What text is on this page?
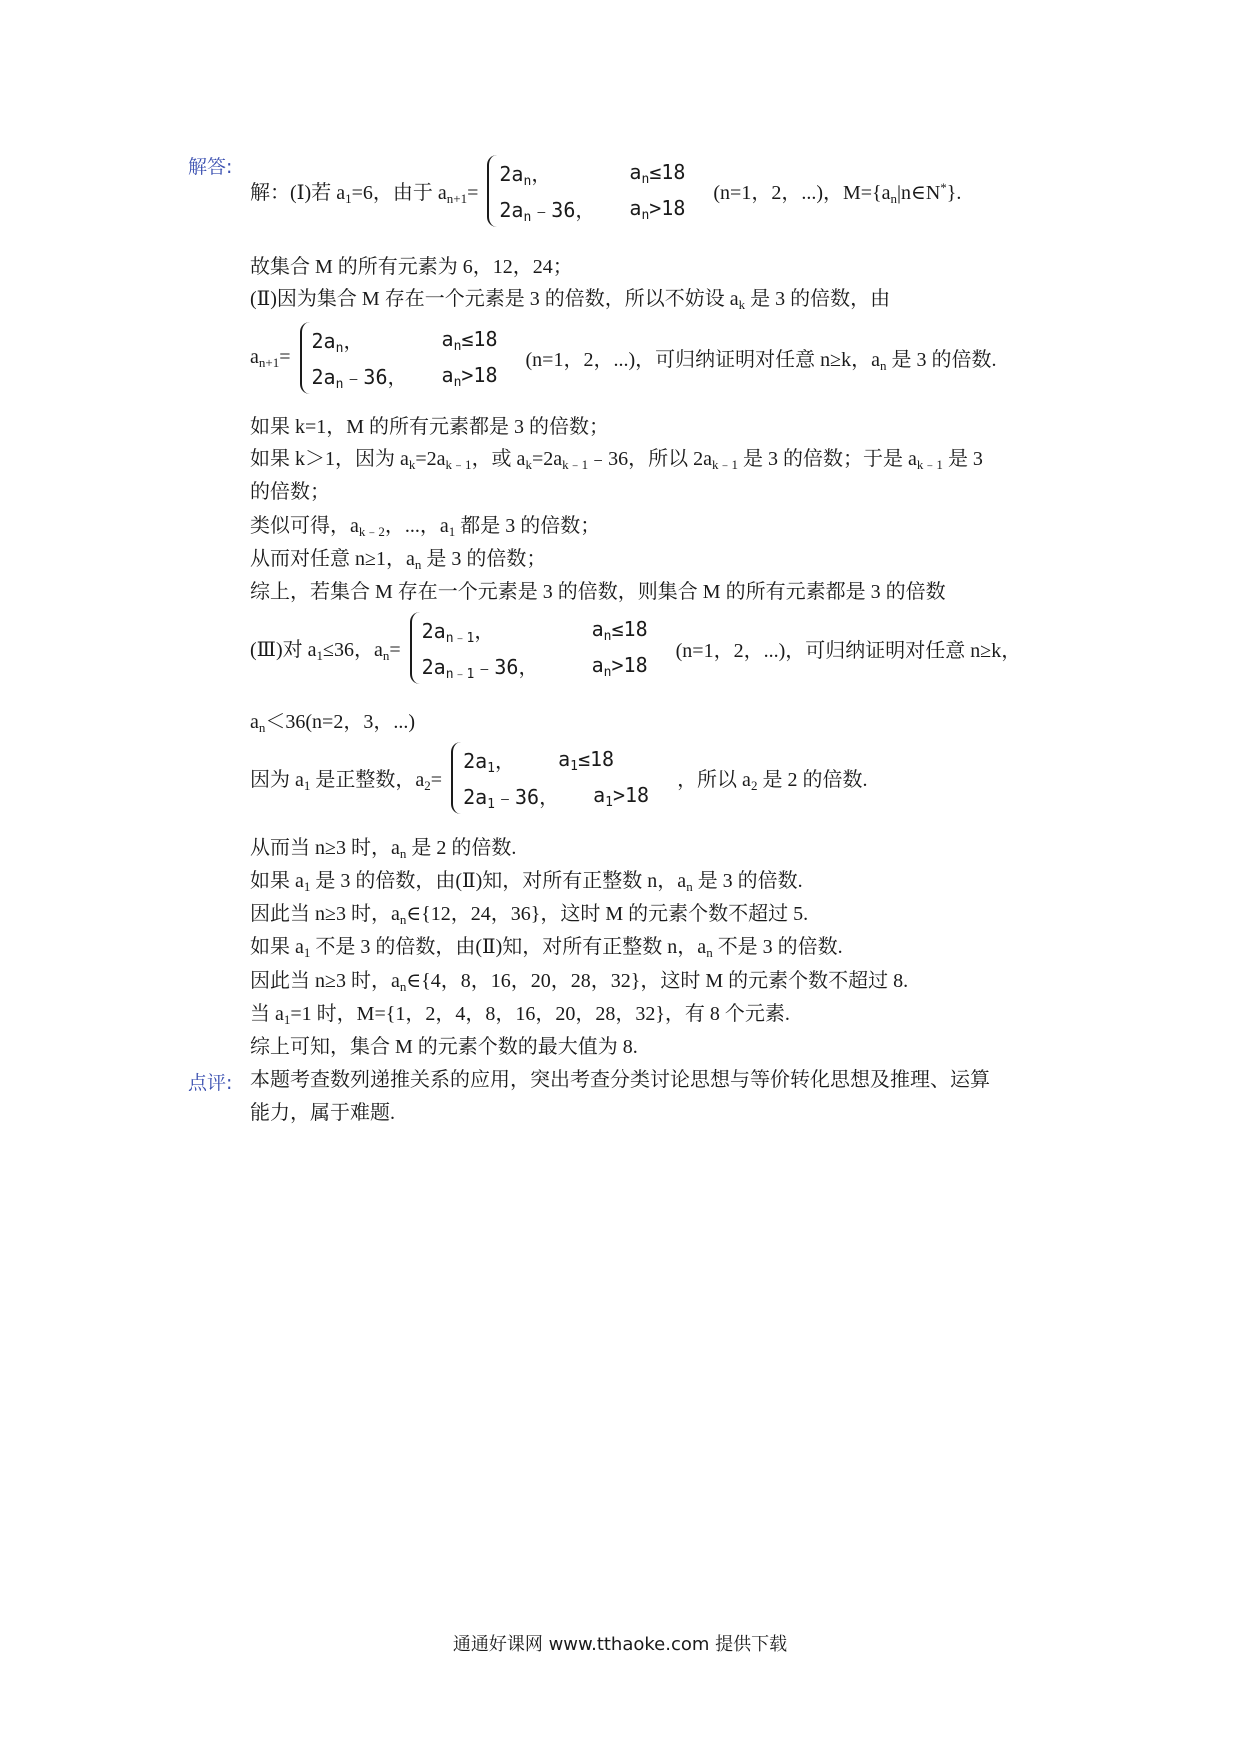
解答:
解：(Ⅰ)若 $a_1=6$，由于 $a_{n+1}=$
$2a_n$，	$a_n\le 18$
$2a_n﹣36$，	$a_n>18$
(n=1，2，...)，$M=\{a_n|n\in N^*\}$.
故集合 M 的所有元素为 6，12，24；
(Ⅱ)因为集合 M 存在一个元素是 3 的倍数，所以不妨设 $a_k$ 是 3 的倍数，由
$a_{n+1}=$
$2a_n$，	$a_n\le 18$
$2a_n﹣36$，	$a_n>18$
(n=1，2，...)，可归纳证明对任意 n≥k，$a_n$ 是 3 的倍数.
如果 k=1，M 的所有元素都是 3 的倍数；
如果 k＞1，因为 $a_k=2a_{k﹣1}$，或 $a_k=2a_{k﹣1}﹣36$，所以 $2a_{k﹣1}$ 是 3 的倍数；于是 $a_{k﹣1}$ 是 3
的倍数；
类似可得，$a_{k﹣2}$，...，$a_1$ 都是 3 的倍数；
从而对任意 n≥1，$a_n$ 是 3 的倍数；
综上，若集合 M 存在一个元素是 3 的倍数，则集合 M 的所有元素都是 3 的倍数
(Ⅲ)对 $a_1\le 36$，$a_n=$
$2a_{n﹣1}$，	$a_n\le 18$
$2a_{n﹣1}﹣36$，	$a_n>18$
(n=1，2，...)，可归纳证明对任意 n≥k，
$a_n<36(n=2$，3，...)
因为 $a_1$ 是正整数，$a_2=$
$2a_1$，	$a_1\le 18$
$2a_1﹣36$，	$a_1>18$
，所以 $a_2$ 是 2 的倍数.
从而当 n≥3 时，$a_n$ 是 2 的倍数.
如果 $a_1$ 是 3 的倍数，由(Ⅱ)知，对所有正整数 n，$a_n$ 是 3 的倍数.
因此当 n≥3 时，$a_n\in\{12$，24，36}，这时 M 的元素个数不超过 5.
如果 $a_1$ 不是 3 的倍数，由(Ⅱ)知，对所有正整数 n，$a_n$ 不是 3 的倍数.
因此当 n≥3 时，$a_n\in\{4$，8，16，20，28，32}，这时 M 的元素个数不超过 8.
当 $a_1=1$ 时，M={1，2，4，8，16，20，28，32}，有 8 个元素.
综上可知，集合 M 的元素个数的最大值为 8.
点评: 本题考查数列递推关系的应用，突出考查分类讨论思想与等价转化思想及推理、运算
能力，属于难题.
通通好课网 www.tthaoke.com 提供下载
